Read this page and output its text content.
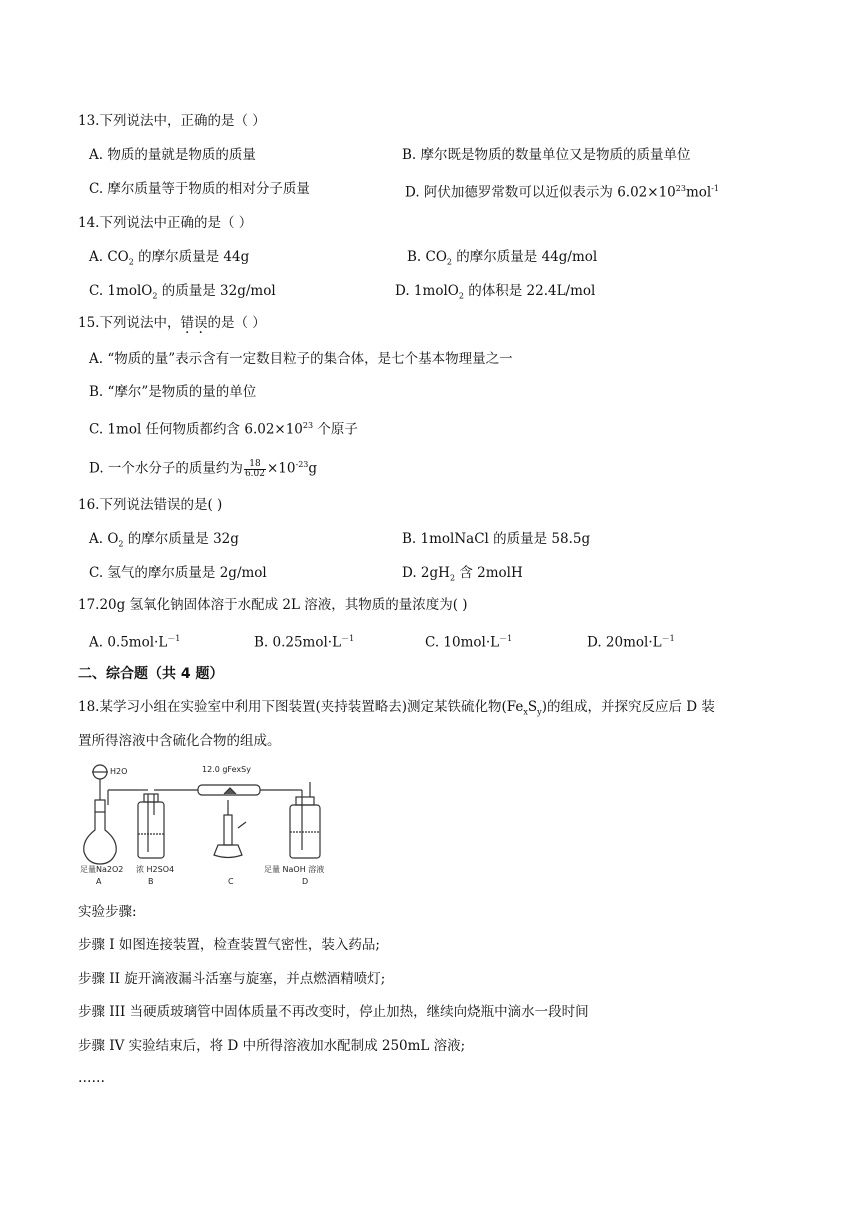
13.下列说法中，正确的是（ ）
A. 物质的量就是物质的质量	B. 摩尔既是物质的数量单位又是物质的质量单位
C. 摩尔质量等于物质的相对分子质量	D. 阿伏加德罗常数可以近似表示为 $6.02\times 10^{23}mol^{-1}$
14.下列说法中正确的是（ ）
A. $CO_2$ 的摩尔质量是 44g	B. $CO_2$ 的摩尔质量是 44g/mol
C. 1molO$_2$ 的质量是 32g/mol	D. 1molO$_2$ 的体积是 22.4L/mol
15.下列说法中，错误的是（ ）
A. “物质的量”表示含有一定数目粒子的集合体，是七个基本物理量之一
B. “摩尔”是物质的量的单位
C. 1mol 任何物质都约含 $6.02\times 10^{23}$ 个原子
D. 一个水分子的质量约为 $\frac{18}{6.02} \times 10^{-23}g$
16.下列说法错误的是( )
A. $O_2$ 的摩尔质量是 32g	B. 1molNaCl 的质量是 58.5g
C. 氢气的摩尔质量是 2g/mol	D. $2gH_2$ 含 2molH
17.20g 氢氧化钠固体溶于水配成 2L 溶液，其物质的量浓度为( )
A. $0.5mol\cdot L^{-1}$	B. $0.25mol\cdot L^{-1}$	C. $10mol\cdot L^{-1}$	D. $20mol\cdot L^{-1}$
二、综合题（共 4 题）
18.某学习小组在实验室中利用下图装置(夹持装置略去)测定某铁硫化物$(Fe_xS_y)$的组成，并探究反应后 D 装
置所得溶液中含硫化合物的组成。
H2O	12.0 gFexSy
足量Na2O2 浓 H2SO4	足量 NaOH 溶液
A	B	C	D
实验步骤:
步骤 I 如图连接装置，检查装置气密性，装入药品;
步骤 II 旋开滴液漏斗活塞与旋塞，并点燃酒精喷灯;
步骤 III 当硬质玻璃管中固体质量不再改变时，停止加热，继续向烧瓶中滴水一段时间
步骤 IV 实验结束后，将 D 中所得溶液加水配制成 250mL 溶液;
……
